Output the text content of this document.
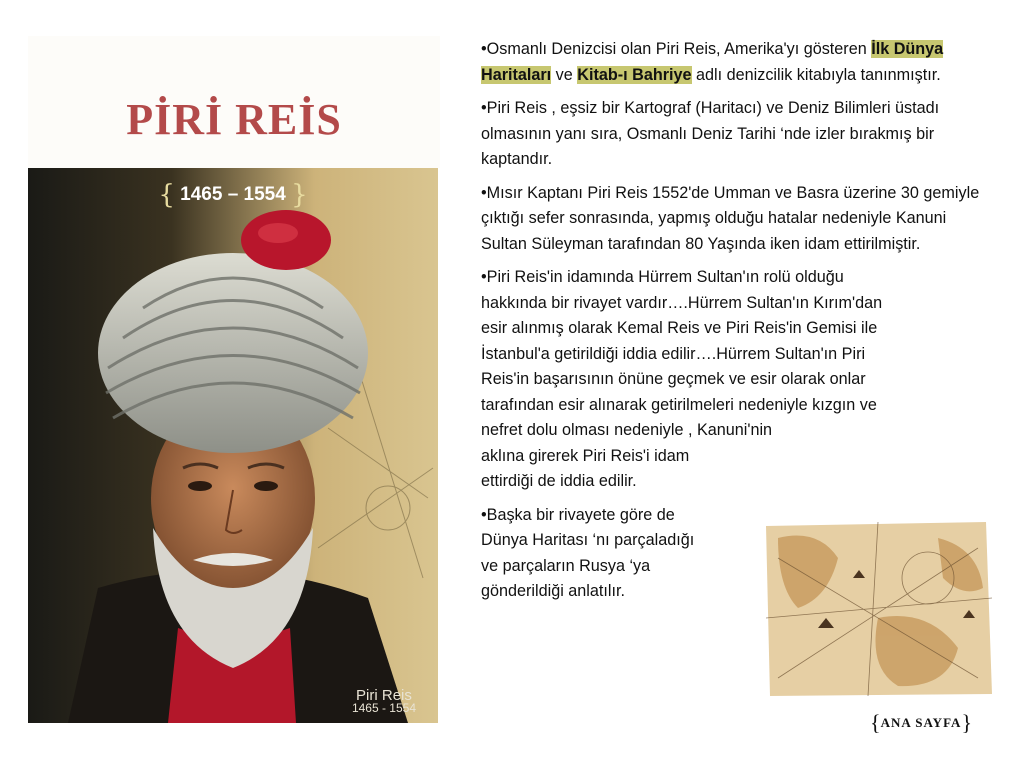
PİRİ REİS
{ 1465 – 1554 }
Piri Reis
1465 - 1554

•Osmanlı Denizcisi olan Piri Reis, Amerika'yı gösteren İlk Dünya Haritaları ve Kitab-ı Bahriye adlı denizcilik kitabıyla tanınmıştır.

•Piri Reis , eşsiz bir Kartograf (Haritacı) ve Deniz Bilimleri üstadı olmasının yanı sıra, Osmanlı Deniz Tarihi ‘nde izler bırakmış bir kaptandır.

•Mısır Kaptanı Piri Reis 1552'de Umman ve Basra üzerine 30 gemiyle çıktığı sefer sonrasında, yapmış olduğu hatalar nedeniyle Kanuni Sultan Süleyman tarafından 80 Yaşında iken idam ettirilmiştir.

•Piri Reis'in idamında Hürrem Sultan'ın rolü olduğu
hakkında bir rivayet vardır….Hürrem Sultan'ın Kırım'dan
esir alınmış olarak Kemal Reis ve Piri Reis'in Gemisi ile
İstanbul'a getirildiği iddia edilir….Hürrem Sultan'ın Piri
Reis'in başarısının önüne geçmek ve esir olarak onlar
tarafından esir alınarak getirilmeleri nedeniyle kızgın ve
nefret dolu olması nedeniyle , Kanuni'nin
aklına girerek Piri Reis'i idam
ettirdiği de iddia edilir.

•Başka bir rivayete göre de
Dünya Haritası ‘nı parçaladığı
ve parçaların Rusya ‘ya
gönderildiği anlatılır.

{ANA SAYFA}
